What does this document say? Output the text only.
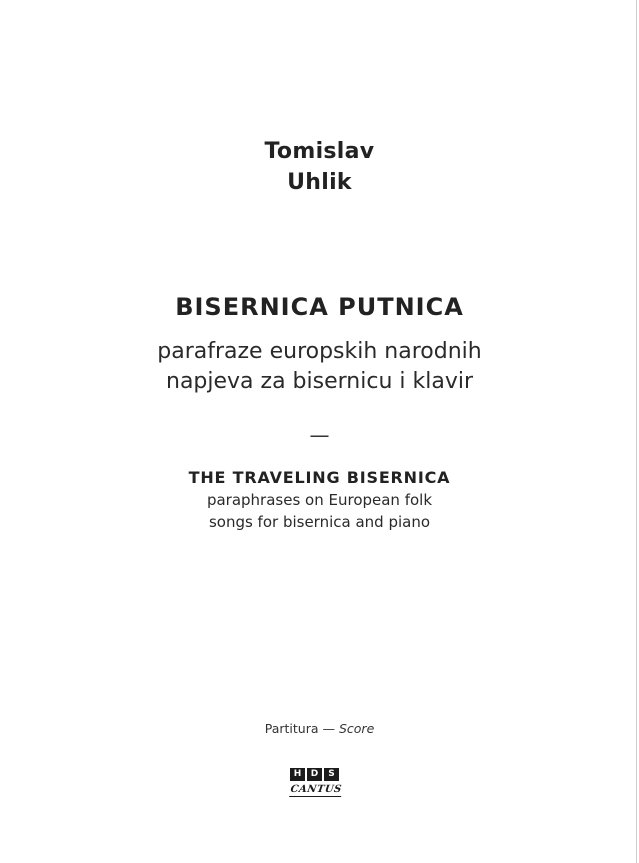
Tomislav
Uhlik
BISERNICA PUTNICA
parafraze europskih narodnih
napjeva za bisernicu i klavir
—
THE TRAVELING BISERNICA
paraphrases on European folk
songs for bisernica and piano
Partitura — Score
H	D	S
CANTUS
